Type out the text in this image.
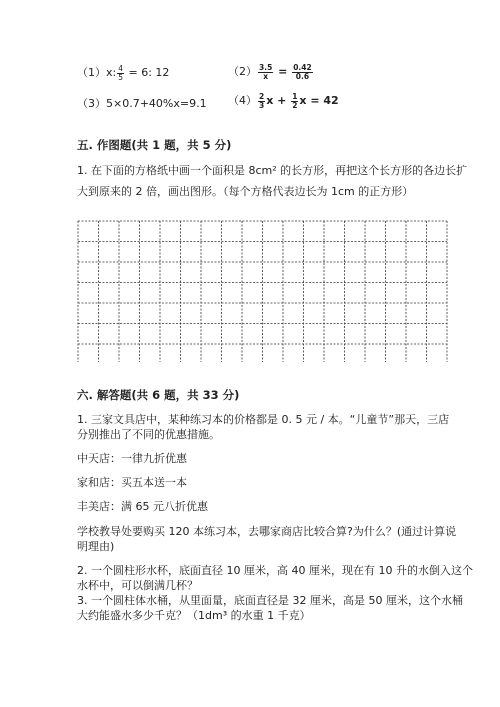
（1）x: $\frac{4}{5} = 6$: 12	$(2) \frac{3.5}{x} = \frac{0.42}{0.6}$
（3）5×0.7+40%x=9.1 $(4) \frac{2}{3}$ $x + \frac{1}{2}$ x = 42
五. 作图题(共 1 题，共 5 分)
1. 在下面的方格纸中画一个面积是 8cm² 的长方形，再把这个长方形的各边长扩
大到原来的 2 倍，画出图形。（每个方格代表边长为 1cm 的正方形）
六. 解答题(共 6 题，共 33 分)
1. 三家文具店中，某种练习本的价格都是 0. 5 元 / 本。“儿童节”那天，三店
分别推出了不同的优惠措施。
中天店：一律九折优惠
家和店：买五本送一本
丰美店：满 65 元八折优惠
学校教导处要购买 120 本练习本，去哪家商店比较合算?为什么？(通过计算说
明理由)
2. 一个圆柱形水杯，底面直径 10 厘米，高 40 厘米，现在有 10 升的水倒入这个
水杯中，可以倒满几杯？
3. 一个圆柱体水桶，从里面量，底面直径是 32 厘米，高是 50 厘米，这个水桶
大约能盛水多少千克？（1dm³ 的水重 1 千克）
